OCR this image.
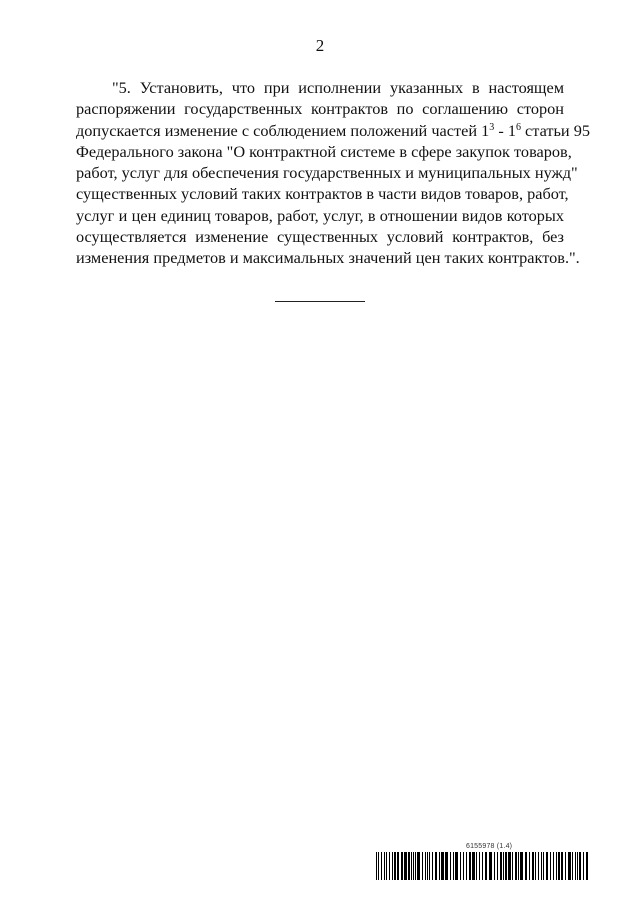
2
"5. Установить, что при исполнении указанных в настоящем
распоряжении государственных контрактов по соглашению сторон
допускается изменение с соблюдением положений частей $1^3 - 1^6$ статьи 95
Федерального закона "О контрактной системе в сфере закупок товаров,
работ, услуг для обеспечения государственных и муниципальных нужд"
существенных условий таких контрактов в части видов товаров, работ,
услуг и цен единиц товаров, работ, услуг, в отношении видов которых
осуществляется изменение существенных условий контрактов, без
изменения предметов и максимальных значений цен таких контрактов.".
6155978 (1.4)
